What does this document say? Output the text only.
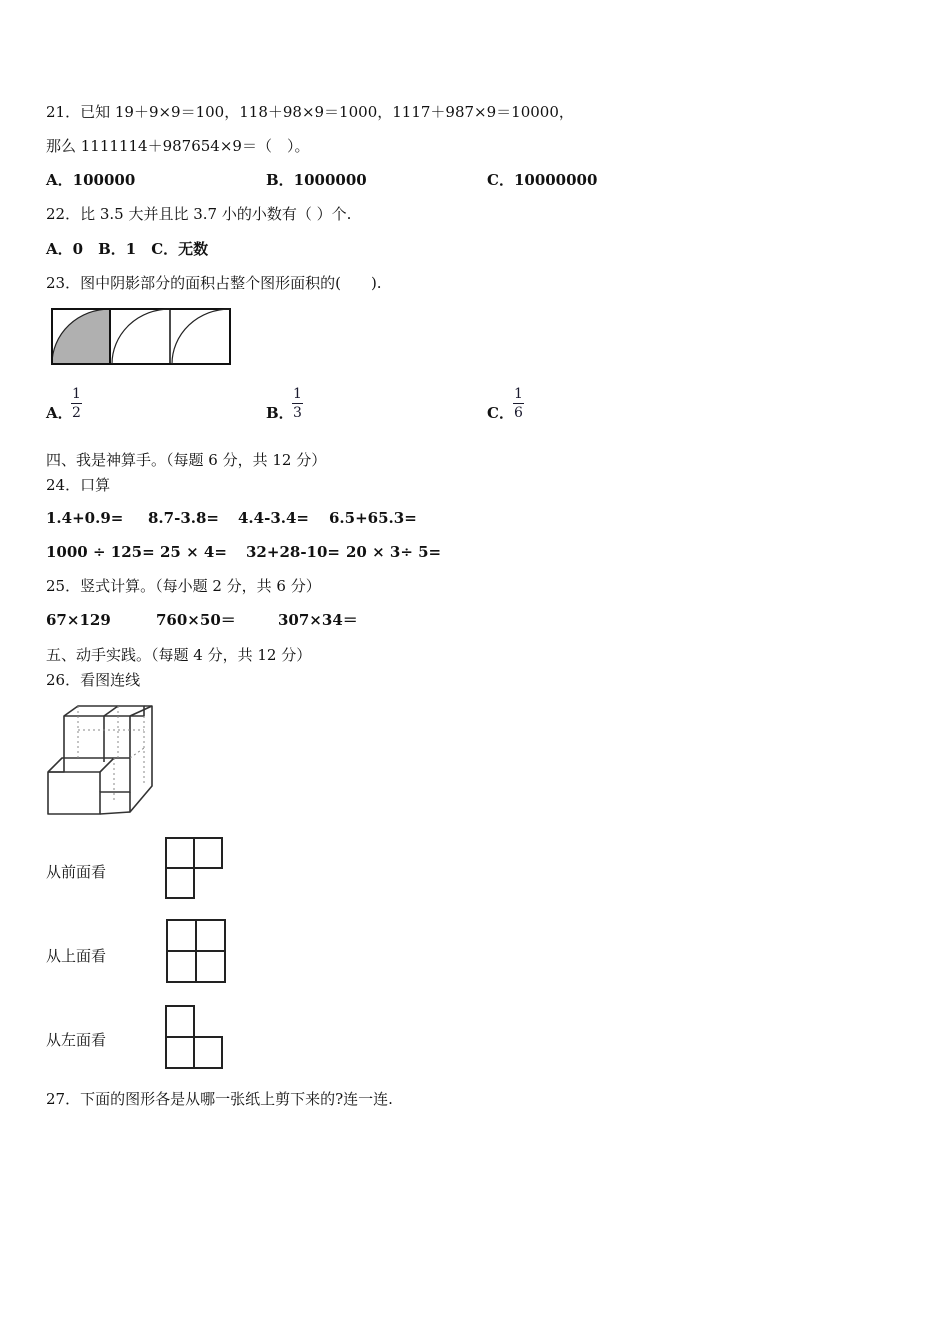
21．已知 19＋9×9＝100，118＋98×9＝1000，1117＋987×9＝10000，
那么 1111114＋987654×9＝（　）。
A．100000	B．1000000	C．10000000
22．比 3.5 大并且比 3.7 小的小数有（ ）个.
A．0　B．1　C．无数
23．图中阴影部分的面积占整个图形面积的(　　).
A．
1
2	B．
1
3	C．
1
6
四、我是神算手。（每题 6 分，共 12 分）
24．口算
1.4+0.9= 8.7-3.8= 4.4-3.4= 6.5+65.3=
1000 ÷ 125= 25 × 4= 32+28-10= 20 × 3÷ 5=
25．竖式计算。（每小题 2 分，共 6 分）
67×129	760×50＝	307×34＝
五、动手实践。（每题 4 分，共 12 分）
26．看图连线
从前面看
从上面看
从左面看
27．下面的图形各是从哪一张纸上剪下来的?连一连.
